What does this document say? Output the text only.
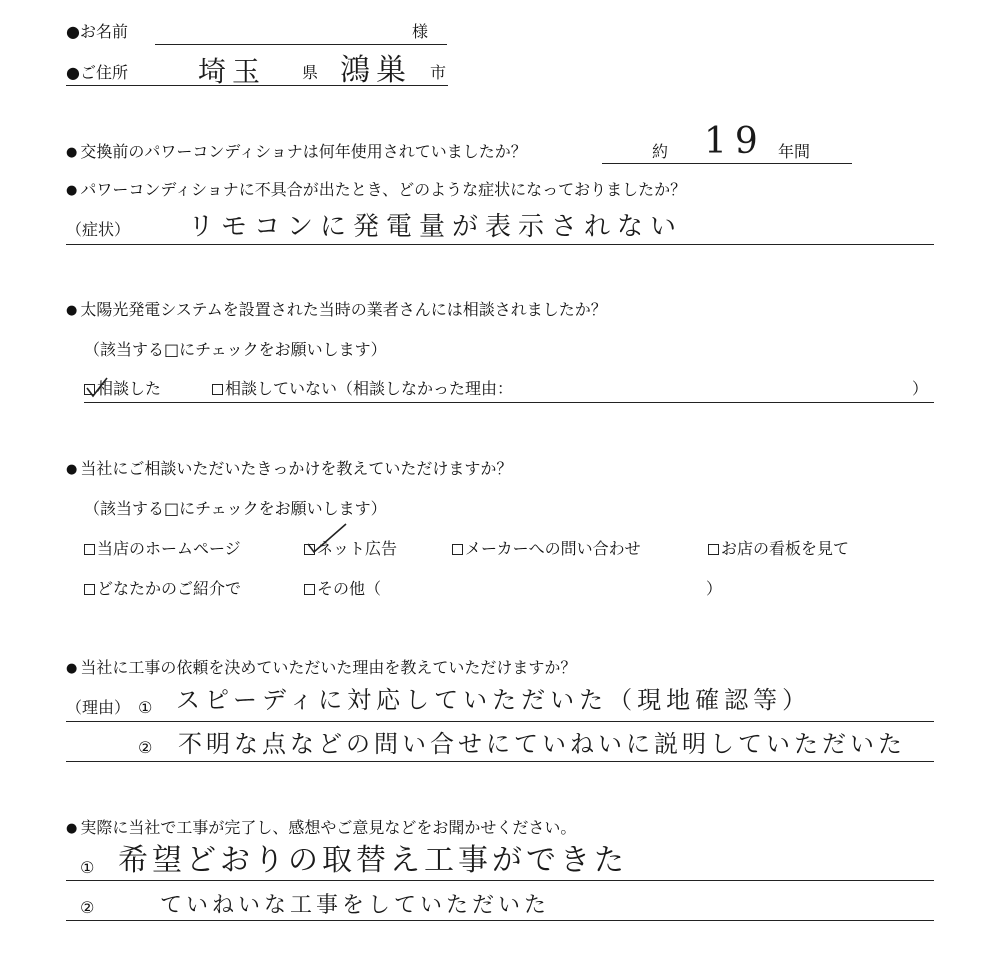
●お名前	様
●ご住所	埼玉 県 鴻巣 市
● 交換前のパワーコンディショナは何年使用されていましたか？	約 19 年間
● パワーコンディショナに不具合が出たとき、どのような症状になっておりましたか？
（症状） リモコンに発電量が表示されない
● 太陽光発電システムを設置された当時の業者さんには相談されましたか？
（該当する□にチェックをお願いします）
相談した	相談していない（相談しなかった理由：	）
● 当社にご相談いただいたきっかけを教えていただけますか？
（該当する□にチェックをお願いします）
当店のホームページ	ネット広告	メーカーへの問い合わせ	お店の看板を見て
どなたかのご紹介で	その他（	）
● 当社に工事の依頼を決めていただいた理由を教えていただけますか？
（理由） ① スピーディに対応していただいた（現地確認等）
② 不明な点などの問い合せにていねいに説明していただいた
● 実際に当社で工事が完了し、感想やご意見などをお聞かせください。
① 希望どおりの取替え工事ができた
②	ていねいな工事をしていただいた
